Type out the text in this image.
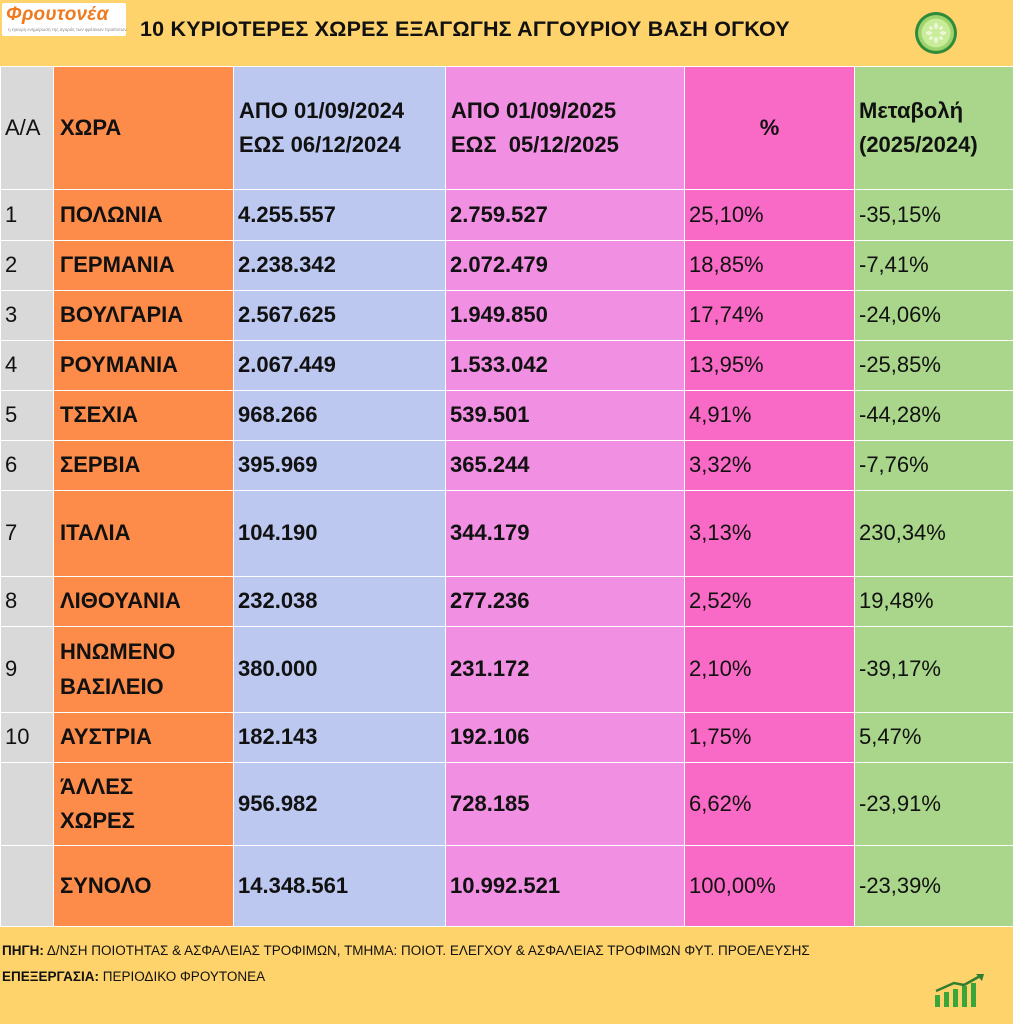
Φρουτονέα
η έγκυρη ενημέρωση της αγοράς των φρέσκων προϊόντων 10 ΚΥΡΙΟΤΕΡΕΣ ΧΩΡΕΣ ΕΞΑΓΩΓΗΣ ΑΓΓΟΥΡΙΟΥ ΒΑΣΗ ΟΓΚΟΥ
Α/Α	ΧΩΡΑ	ΑΠΟ 01/09/2024
ΕΩΣ 06/12/2024	ΑΠΟ 01/09/2025
ΕΩΣ  05/12/2025	%	Μεταβολή
(2025/2024)
1	ΠΟΛΩΝΙΑ	4.255.557	2.759.527	25,10%	-35,15%
2	ΓΕΡΜΑΝΙΑ	2.238.342	2.072.479	18,85%	-7,41%
3	ΒΟΥΛΓΑΡΙΑ	2.567.625	1.949.850	17,74%	-24,06%
4	ΡΟΥΜΑΝΙΑ	2.067.449	1.533.042	13,95%	-25,85%
5	ΤΣΕΧΙΑ	968.266	539.501	4,91%	-44,28%
6	ΣΕΡΒΙΑ	395.969	365.244	3,32%	-7,76%
7	ΙΤΑΛΙΑ	104.190	344.179	3,13%	230,34%
8	ΛΙΘΟΥΑΝΙΑ	232.038	277.236	2,52%	19,48%
9	ΗΝΩΜΕΝΟ
ΒΑΣΙΛΕΙΟ	380.000	231.172	2,10%	-39,17%
10	ΑΥΣΤΡΙΑ	182.143	192.106	1,75%	5,47%
	ΆΛΛΕΣ
ΧΩΡΕΣ	956.982	728.185	6,62%	-23,91%
	ΣΥΝΟΛΟ	14.348.561	10.992.521	100,00%	-23,39%
ΠΗΓΗ: Δ/ΝΣΗ ΠΟΙΟΤΗΤΑΣ & ΑΣΦΑΛΕΙΑΣ ΤΡΟΦΙΜΩΝ, ΤΜΗΜΑ: ΠΟΙΟΤ. ΕΛΕΓΧΟΥ & ΑΣΦΑΛΕΙΑΣ ΤΡΟΦΙΜΩΝ ΦΥΤ. ΠΡΟΕΛΕΥΣΗΣ
ΕΠΕΞΕΡΓΑΣΙΑ: ΠΕΡΙΟΔΙΚΟ ΦΡΟΥΤΟΝΕΑ
